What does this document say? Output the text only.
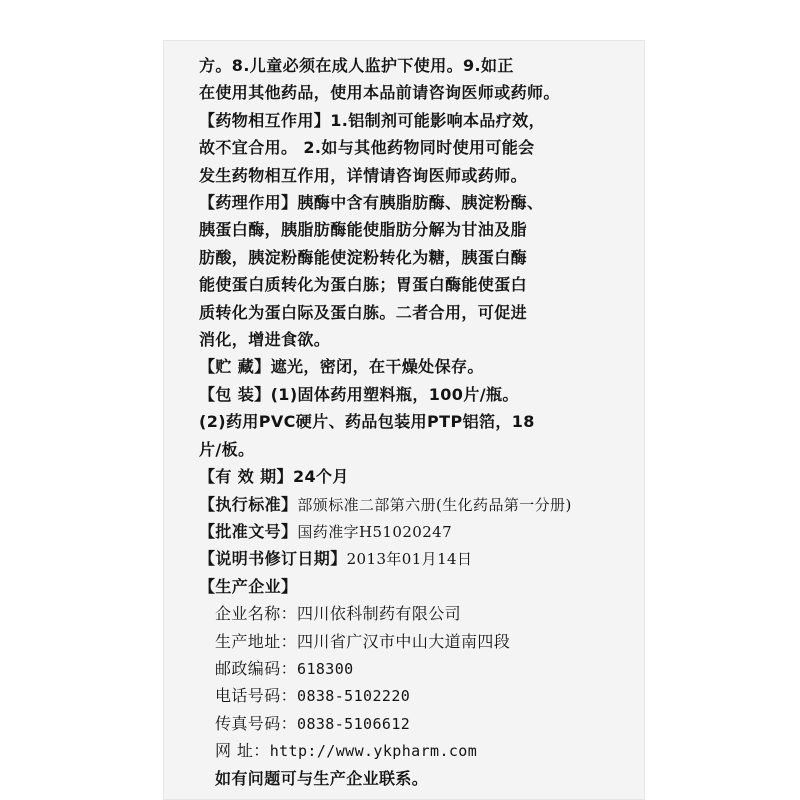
方。8.儿童必须在成人监护下使用。9.如正
在使用其他药品，使用本品前请咨询医师或药师。
【药物相互作用】1.铝制剂可能影响本品疗效，
故不宜合用。 2.如与其他药物同时使用可能会
发生药物相互作用，详情请咨询医师或药师。
【药理作用】胰酶中含有胰脂肪酶、胰淀粉酶、
胰蛋白酶，胰脂肪酶能使脂肪分解为甘油及脂
肪酸，胰淀粉酶能使淀粉转化为糖，胰蛋白酶
能使蛋白质转化为蛋白胨；胃蛋白酶能使蛋白
质转化为蛋白际及蛋白胨。二者合用，可促进
消化，增进食欲。
【贮 藏】遮光，密闭，在干燥处保存。
【包 装】(1)固体药用塑料瓶，100片/瓶。
(2)药用PVC硬片、药品包装用PTP铝箔，18
片/板。
【有 效 期】24个月
【执行标准】部颁标准二部第六册(生化药品第一分册)
【批准文号】国药准字H51020247
【说明书修订日期】2013年01月14日
【生产企业】
企业名称：四川依科制药有限公司
生产地址：四川省广汉市中山大道南四段
邮政编码：618300
电话号码：0838-5102220
传真号码：0838-5106612
网 址：http://www.ykpharm.com
如有问题可与生产企业联系。
